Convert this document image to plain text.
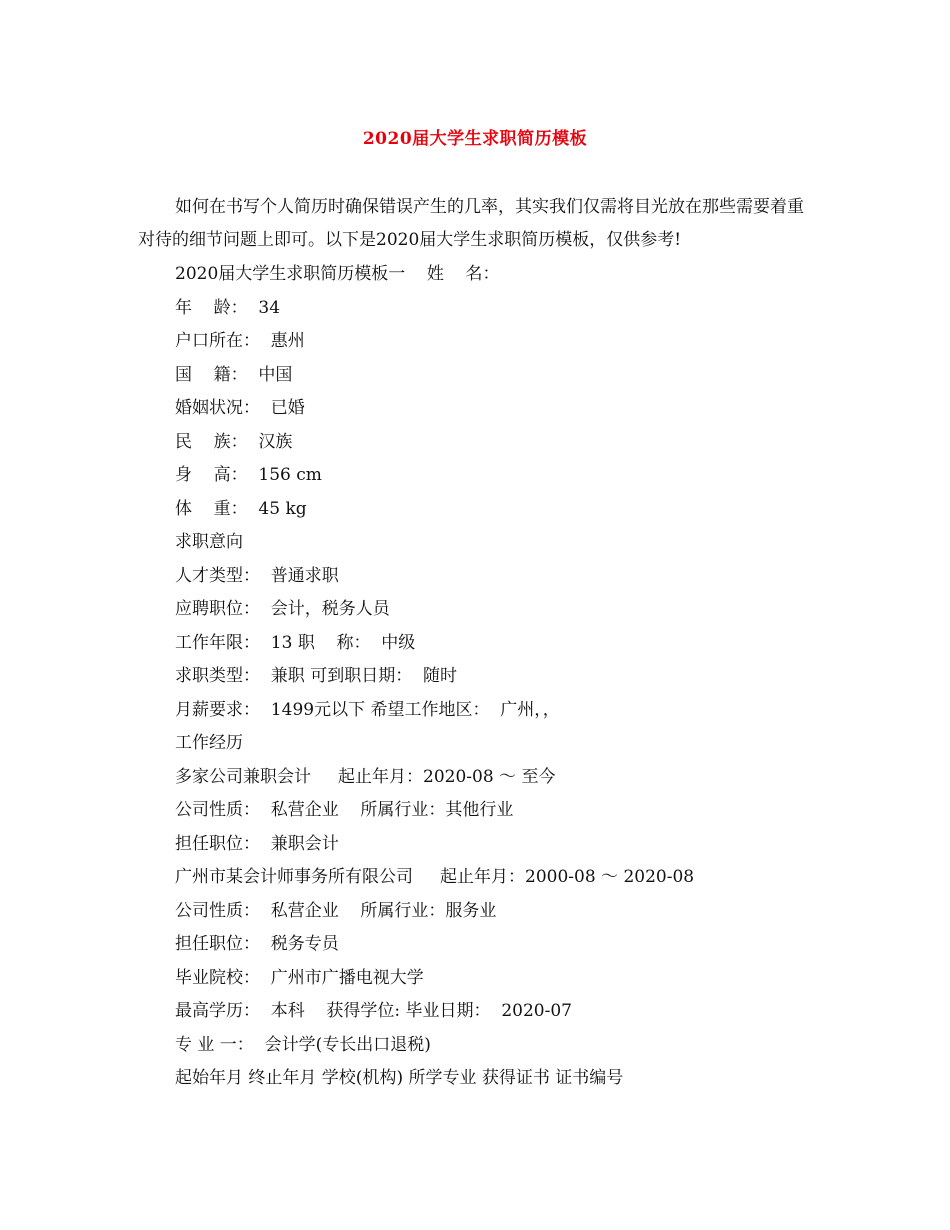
2020届大学生求职简历模板

如何在书写个人简历时确保错误产生的几率，其实我们仅需将目光放在那些需要着重对待的细节问题上即可。以下是2020届大学生求职简历模板，仅供参考!

2020届大学生求职简历模板一    姓    名：
年    龄：  34
户口所在：  惠州
国    籍：  中国
婚姻状况：  已婚
民    族：  汉族
身    高：  156 cm
体    重：  45 kg
求职意向
人才类型：  普通求职
应聘职位：  会计，税务人员
工作年限：  13 职    称：  中级
求职类型：  兼职 可到职日期：  随时
月薪要求：  1499元以下 希望工作地区：  广州，，
工作经历
多家公司兼职会计     起止年月：2020-08 ～ 至今
公司性质：  私营企业    所属行业：其他行业
担任职位：  兼职会计
广州市某会计师事务所有限公司     起止年月：2000-08 ～ 2020-08
公司性质：  私营企业    所属行业：服务业
担任职位：  税务专员
毕业院校：  广州市广播电视大学
最高学历：  本科    获得学位: 毕业日期：  2020-07
专 业 一：  会计学(专长出口退税)
起始年月 终止年月 学校(机构) 所学专业 获得证书 证书编号
